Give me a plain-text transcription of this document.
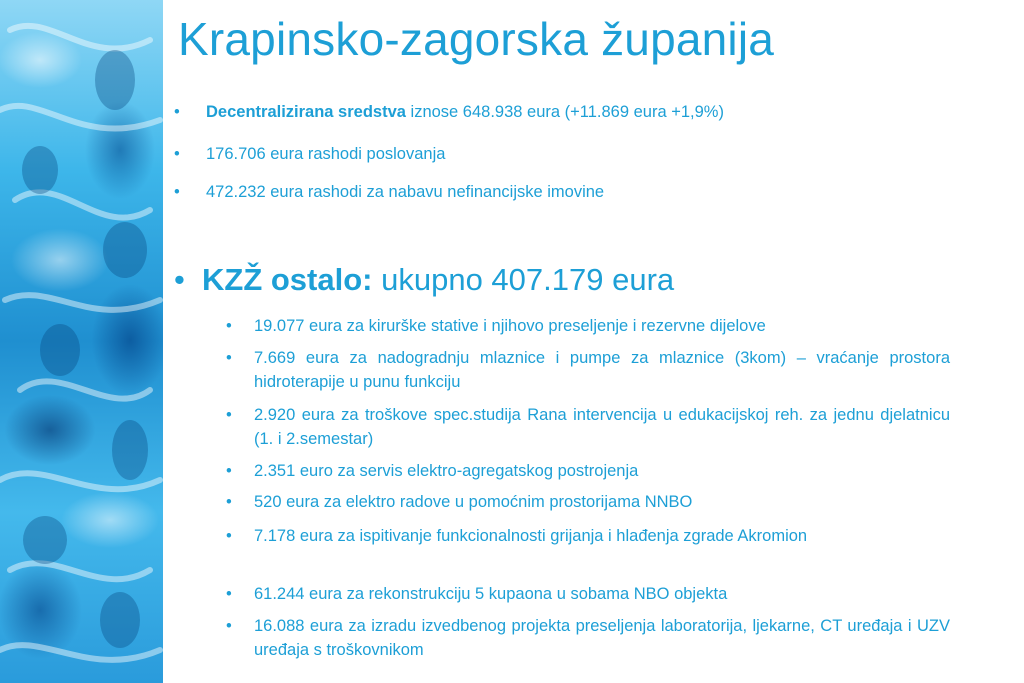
Krapinsko-zagorska županija
• Decentralizirana sredstva iznose 648.938 eura (+11.869 eura +1,9%)
• 176.706 eura rashodi poslovanja
• 472.232 eura rashodi za nabavu nefinancijske imovine
• KZŽ ostalo: ukupno 407.179 eura
• 19.077 eura za kirurške stative i njihovo preseljenje i rezervne dijelove
• 7.669 eura za nadogradnju mlaznice i pumpe za mlaznice (3kom) – vraćanje prostora hidroterapije u punu funkciju
• 2.920 eura za troškove spec.studija Rana intervencija u edukacijskoj reh. za jednu djelatnicu (1. i 2.semestar)
• 2.351 euro za servis elektro-agregatskog postrojenja
• 520 eura za elektro radove u pomoćnim prostorijama NNBO
• 7.178 eura za ispitivanje funkcionalnosti grijanja i hlađenja zgrade Akromion
• 61.244 eura za rekonstrukciju 5 kupaona u sobama NBO objekta
• 16.088 eura za izradu izvedbenog projekta preseljenja laboratorija, ljekarne, CT uređaja i UZV uređaja s troškovnikom
